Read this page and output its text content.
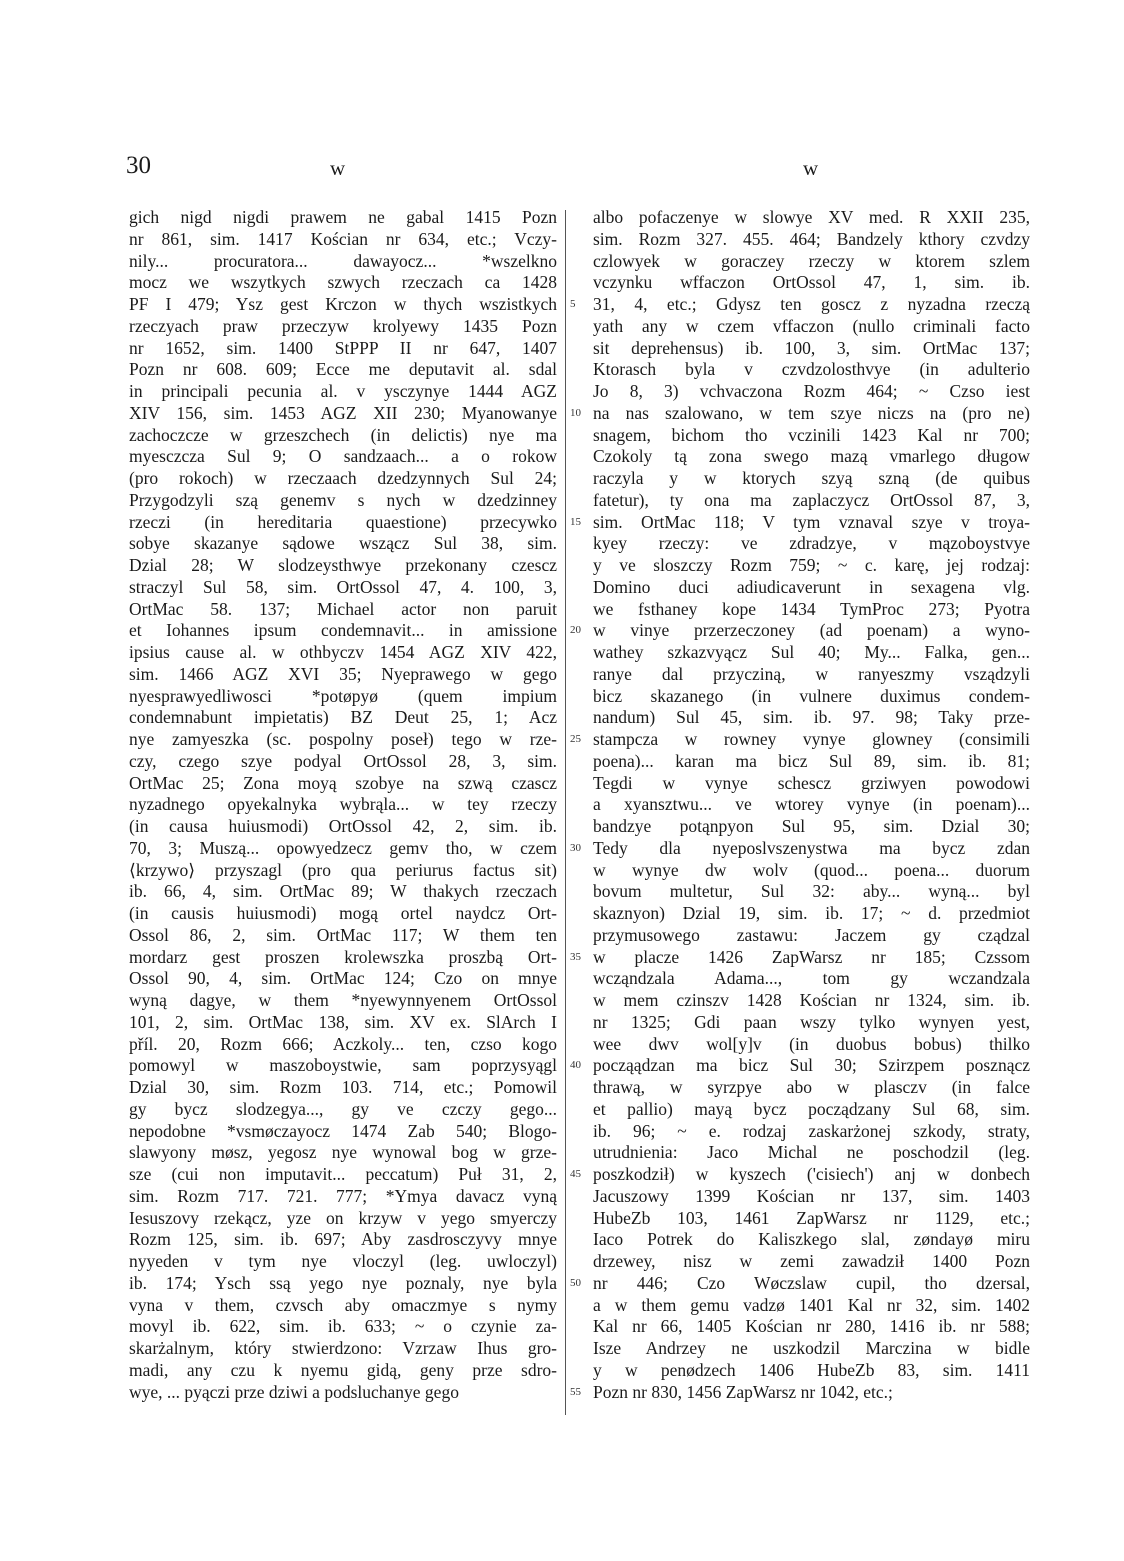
30	w	w
gich nigd nigdi prawem ne gabal 1415 Pozn
nr 861, sim. 1417 Kościan nr 634, etc.; Vczy-
nily... procuratora... dawayocz... *wszelkno
mocz we wszytkych szwych rzeczach ca 1428
PF I 479; Ysz gest Krczon w thych wszistkych
rzeczyach praw przeczyw krolyewy 1435 Pozn
nr 1652, sim. 1400 StPPP II nr 647, 1407
Pozn nr 608. 609; Ecce me deputavit al. sdal
in principali pecunia al. v ysczynye 1444 AGZ
XIV 156, sim. 1453 AGZ XII 230; Myanowanye
zachoczcze w grzeszchech (in delictis) nye ma
myesczcza Sul 9; O sandzaach... a o rokow
(pro rokoch) w rzeczaach dzedzynnych Sul 24;
Przygodzyli szą genemv s nych w dzedzinney
rzeczi (in hereditaria quaestione) przecywko
sobye skazanye sądowe wszącz Sul 38, sim.
Dzial 28; W slodzeysthwye przekonany czescz
straczyl Sul 58, sim. OrtOssol 47, 4. 100, 3,
OrtMac 58. 137; Michael actor non paruit
et Iohannes ipsum condemnavit... in amissione
ipsius cause al. w othbyczv 1454 AGZ XIV 422,
sim. 1466 AGZ XVI 35; Nyeprawego w gego
nyesprawyedliwosci *potøpyø (quem impium
condemnabunt impietatis) BZ Deut 25, 1; Acz
nye zamyeszka (sc. pospolny poseł) tego w rze-
czy, czego szye podyal OrtOssol 28, 3, sim.
OrtMac 25; Zona moyą szobye na szwą czascz
nyzadnego opyekalnyka wybrąla... w tey rzeczy
(in causa huiusmodi) OrtOssol 42, 2, sim. ib.
70, 3; Muszą... opowyedzecz gemv tho, w czem
⟨krzywo⟩ przyszagl (pro qua periurus factus sit)
ib. 66, 4, sim. OrtMac 89; W thakych rzeczach
(in causis huiusmodi) mogą ortel naydcz Ort-
Ossol 86, 2, sim. OrtMac 117; W them ten
mordarz gest proszen krolewszka proszbą Ort-
Ossol 90, 4, sim. OrtMac 124; Czo on mnye
wyną dagye, w them *nyewynnyenem OrtOssol
101, 2, sim. OrtMac 138, sim. XV ex. SlArch I
příl. 20, Rozm 666; Aczkoly... ten, czso kogo
pomowyl w maszoboystwie, sam poprzysyągl
Dzial 30, sim. Rozm 103. 714, etc.; Pomowil
gy bycz slodzegya..., gy ve czczy gego...
nepodobne *vsmøczayocz 1474 Zab 540; Blogo-
slawyony møsz, yegosz nye wynowal bog w grze-
sze (cui non imputavit... peccatum) Puł 31, 2,
sim. Rozm 717. 721. 777; *Ymya davacz vyną
Iesuszovy rzekącz, yze on krzyw v yego smyerczy
Rozm 125, sim. ib. 697; Aby zasdrosczyvy mnye
nyyeden v tym nye vloczyl (leg. uwloczyl)
ib. 174; Ysch ssą yego nye poznaly, nye byla
vyna v them, czvsch aby omaczmye s nymy
movyl ib. 622, sim. ib. 633; ~ o czynie za-
skarżalnym, który stwierdzono: Vzrzaw Ihus gro-
madi, any czu k nyemu gidą, geny prze sdro-
wye, ... pyączi prze dziwi a podsluchanye gego
5
10
15
20
25
30
35
40
45
50
55
albo pofaczenye w slowye XV med. R XXII 235,
sim. Rozm 327. 455. 464; Bandzely kthory czvdzy
czlowyek w goraczey rzeczy w ktorem szlem
vczynku wffaczon OrtOssol 47, 1, sim. ib.
31, 4, etc.; Gdysz ten goscz z nyzadna rzeczą
yath any w czem vffaczon (nullo criminali facto
sit deprehensus) ib. 100, 3, sim. OrtMac 137;
Ktorasch byla v czvdzolosthvye (in adulterio
Jo 8, 3) vchvaczona Rozm 464; ~ Czso iest
na nas szalowano, w tem szye niczs na (pro ne)
snagem, bichom tho vczinili 1423 Kal nr 700;
Czokoly tą zona swego mazą vmarlego długow
raczyla y w ktorych szyą szną (de quibus
fatetur), ty ona ma zaplaczycz OrtOssol 87, 3,
sim. OrtMac 118; V tym vznaval szye v troya-
kyey rzeczy: ve zdradzye, v mązoboystvye
y ve sloszczy Rozm 759; ~ c. karę, jej rodzaj:
Domino duci adiudicaverunt in sexagena vlg.
we fsthaney kope 1434 TymProc 273; Pyotra
w vinye przerzeczoney (ad poenam) a wyno-
wathey szkazvyącz Sul 40; My... Falka, gen...
ranye dal przycziną, w ranyeszmy vsządzyli
bicz skazanego (in vulnere duximus condem-
nandum) Sul 45, sim. ib. 97. 98; Taky prze-
stampcza w rowney vynye glowney (consimili
poena)... karan ma bicz Sul 89, sim. ib. 81;
Tegdi w vynye schescz grziwyen powodowi
a xyansztwu... ve wtorey vynye (in poenam)...
bandzye potąnpyon Sul 95, sim. Dzial 30;
Tedy dla nyeposlvszenystwa ma bycz zdan
w wynye dw wolv (quod... poena... duorum
bovum multetur, Sul 32: aby... wyną... byl
skaznyon) Dzial 19, sim. ib. 17; ~ d. przedmiot
przymusowego zastawu: Jaczem gy cządzal
w placze 1426 ZapWarsz nr 185; Czssom
wcząndzala Adama..., tom gy wczandzala
w mem czinszv 1428 Kościan nr 1324, sim. ib.
nr 1325; Gdi paan wszy tylko wynyen yest,
wee dwv wol[y]v (in duobus bobus) thilko
począądzan ma bicz Sul 30; Szirzpem posznącz
thrawą, w syrzpye abo w plasczv (in falce
et pallio) mayą bycz począdzany Sul 68, sim.
ib. 96; ~ e. rodzaj zaskarżonej szkody, straty,
utrudnienia: Jaco Michal ne poschodzil (leg.
poszkodził) w kyszech ('cisiech') anj w donbech
Jacuszowy 1399 Kościan nr 137, sim. 1403
HubeZb 103, 1461 ZapWarsz nr 1129, etc.;
Iaco Potrek do Kaliszkego slal, zøndayø miru
drzewey, nisz w zemi zawadził 1400 Pozn
nr 446; Czo Wøczslaw cupil, tho dzersal,
a w them gemu vadzø 1401 Kal nr 32, sim. 1402
Kal nr 66, 1405 Kościan nr 280, 1416 ib. nr 588;
Isze Andrzey ne uszkodzil Marczina w bidle
y w penødzech 1406 HubeZb 83, sim. 1411
Pozn nr 830, 1456 ZapWarsz nr 1042, etc.;
